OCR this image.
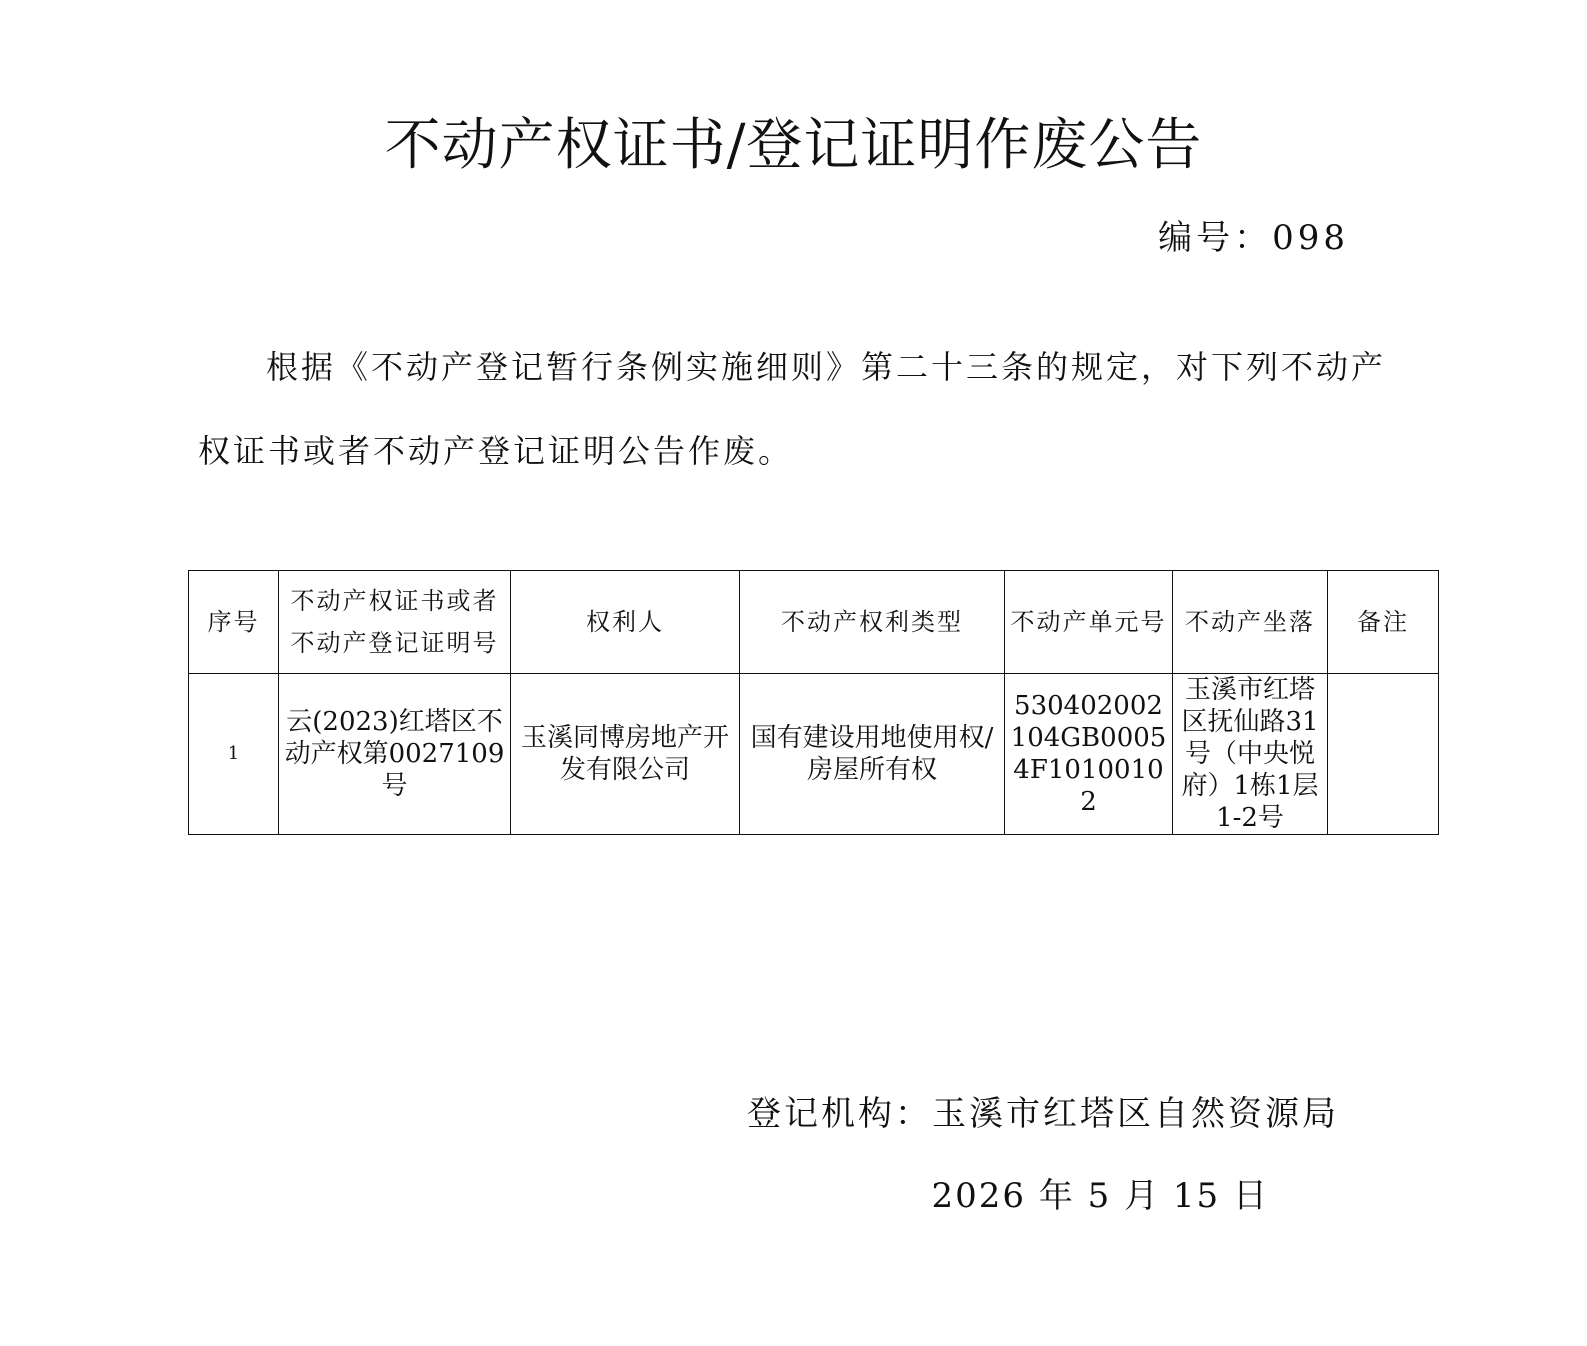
不动产权证书/登记证明作废公告
编号：098
根据《不动产登记暂行条例实施细则》第二十三条的规定，对下列不动产权证书或者不动产登记证明公告作废。
序号	不动产权证书或者不动产登记证明号	权利人	不动产权利类型	不动产单元号	不动产坐落	备注
1	云(2023)红塔区不动产权第0027109号	玉溪同博房地产开发有限公司	国有建设用地使用权/房屋所有权	530402002104GB00054F10100102	玉溪市红塔区抚仙路31号（中央悦府）1栋1层1-2号	
登记机构：玉溪市红塔区自然资源局
2026 年 5 月 15 日
